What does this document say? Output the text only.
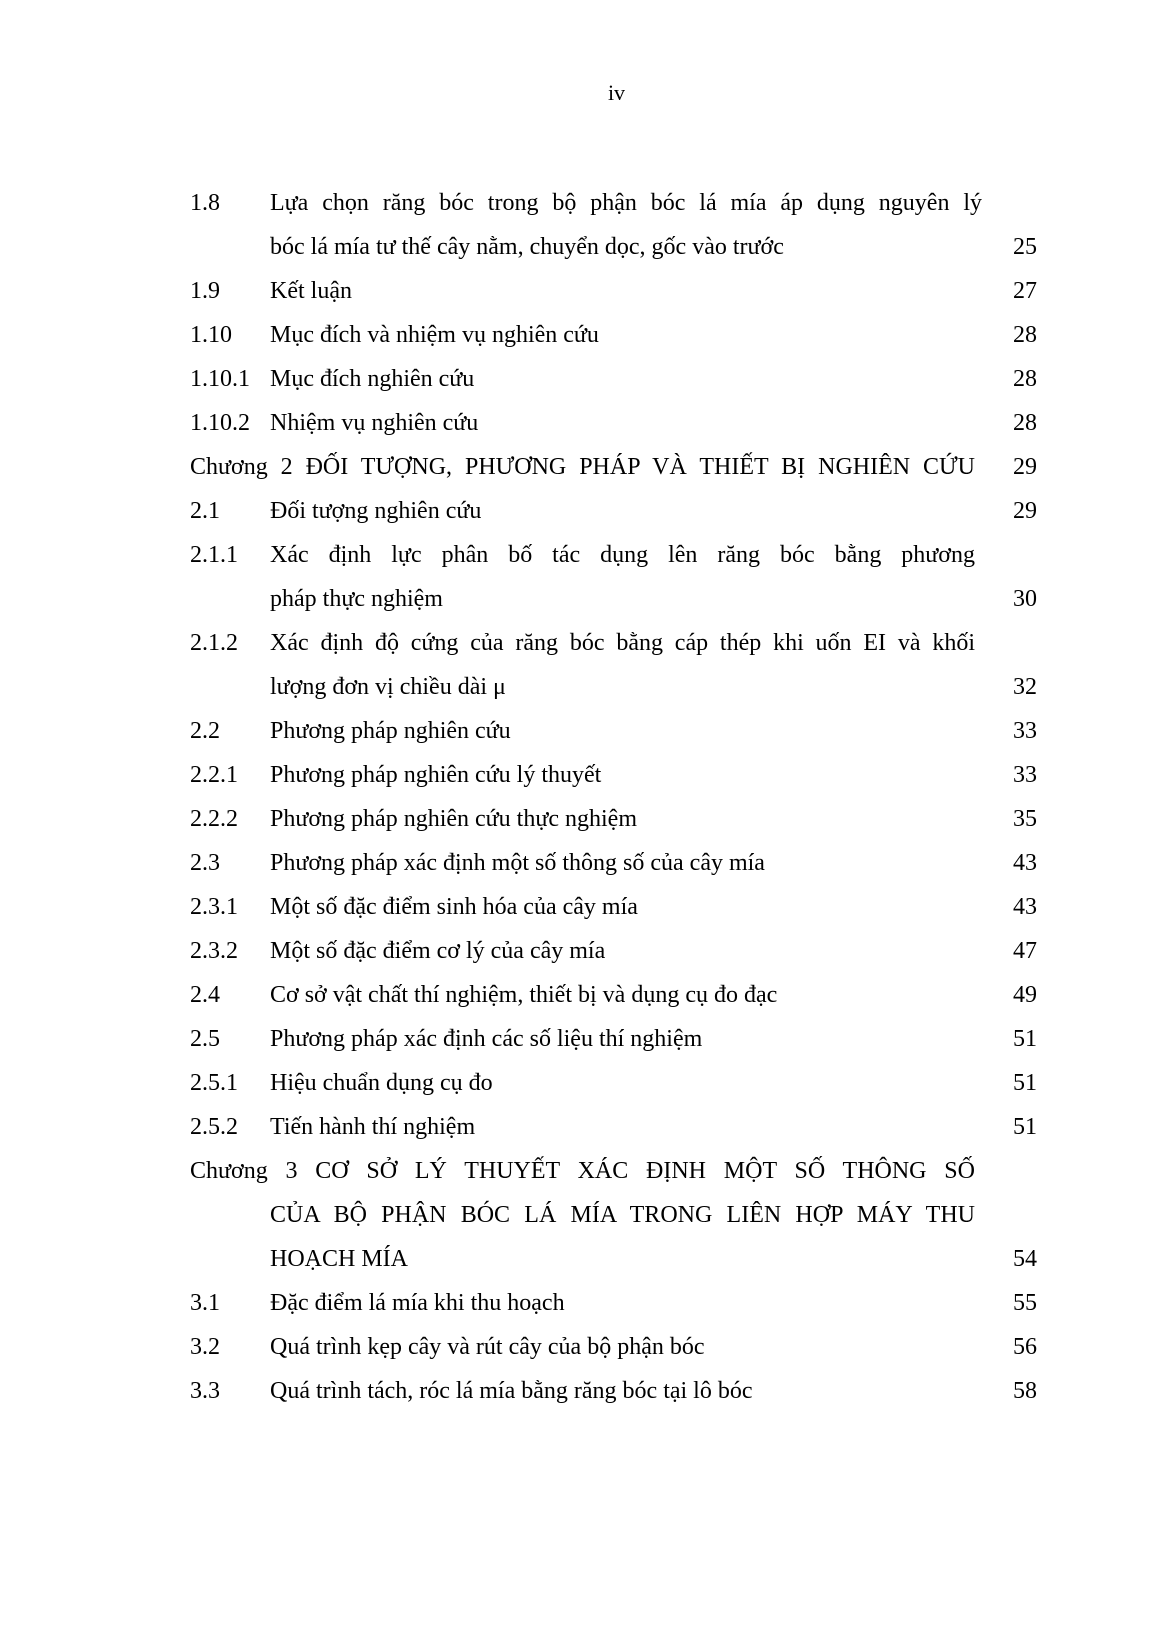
iv
1.8 Lựa chọn răng bóc trong bộ phận bóc lá mía áp dụng nguyên lý
bóc lá mía tư thế cây nằm, chuyển dọc, gốc vào trước	25
1.9 Kết luận	27
1.10 Mục đích và nhiệm vụ nghiên cứu	28
1.10.1 Mục đích nghiên cứu	28
1.10.2 Nhiệm vụ nghiên cứu	28
Chương 2 ĐỐI TƯỢNG, PHƯƠNG PHÁP VÀ THIẾT BỊ NGHIÊN CỨU 29
2.1 Đối tượng nghiên cứu	29
2.1.1 Xác định lực phân bố tác dụng lên răng bóc bằng phương
pháp thực nghiệm	30
2.1.2 Xác định độ cứng của răng bóc bằng cáp thép khi uốn EI và khối
lượng đơn vị chiều dài μ	32
2.2 Phương pháp nghiên cứu	33
2.2.1 Phương pháp nghiên cứu lý thuyết	33
2.2.2 Phương pháp nghiên cứu thực nghiệm	35
2.3 Phương pháp xác định một số thông số của cây mía	43
2.3.1 Một số đặc điểm sinh hóa của cây mía	43
2.3.2 Một số đặc điểm cơ lý của cây mía	47
2.4 Cơ sở vật chất thí nghiệm, thiết bị và dụng cụ đo đạc	49
2.5 Phương pháp xác định các số liệu thí nghiệm	51
2.5.1 Hiệu chuẩn dụng cụ đo	51
2.5.2 Tiến hành thí nghiệm	51
Chương 3 CƠ SỞ LÝ THUYẾT XÁC ĐỊNH MỘT SỐ THÔNG SỐ
CỦA BỘ PHẬN BÓC LÁ MÍA TRONG LIÊN HỢP MÁY THU
HOẠCH MÍA	54
3.1 Đặc điểm lá mía khi thu hoạch	55
3.2 Quá trình kẹp cây và rút cây của bộ phận bóc	56
3.3 Quá trình tách, róc lá mía bằng răng bóc tại lô bóc	58
